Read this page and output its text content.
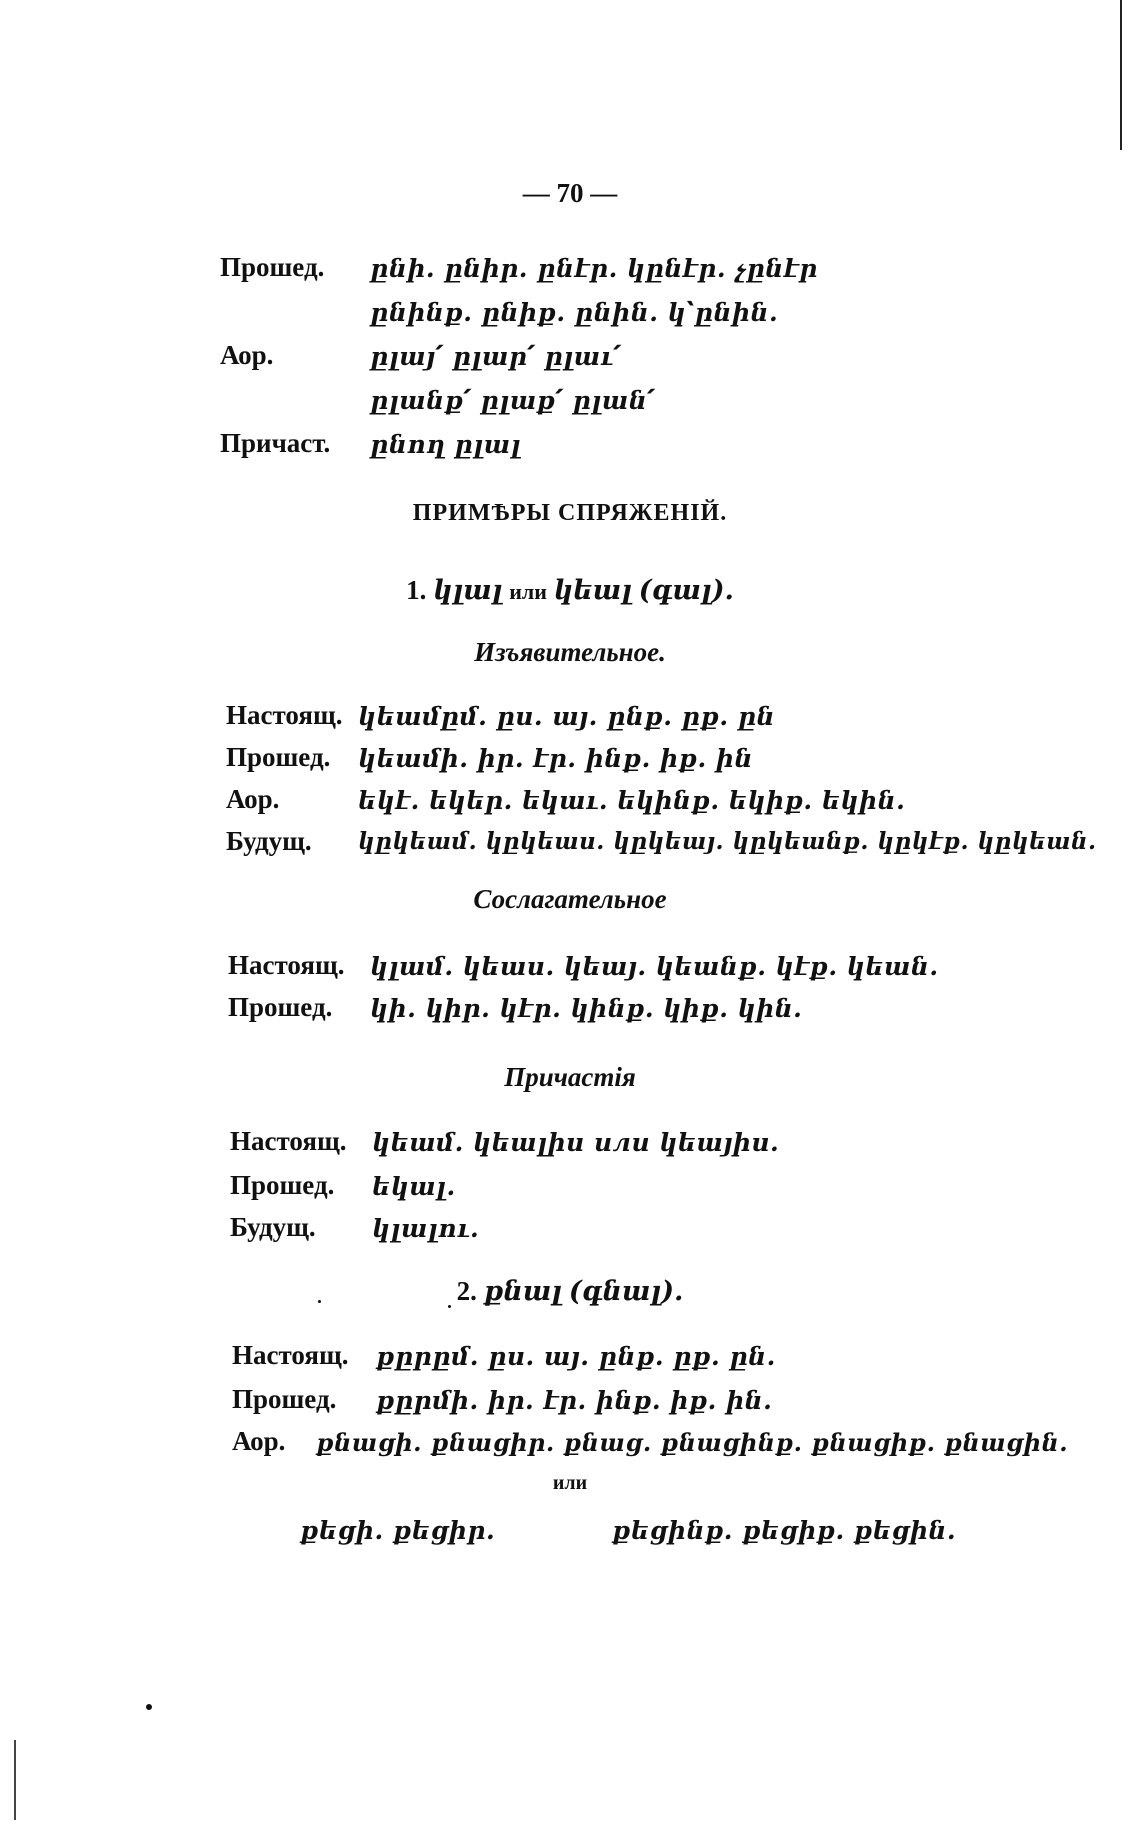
— 70 —
Прошед. ընի․ ընիր․ ընէր․ կընէր․ չընէր
ընինք․ ընիք․ ընին․ կ՝ընին.
Аор.	ըլայ՛ ըլար՛ ըլաւ՛
ըլանք՛ ըլաք՛ ըլան՛
Причаст. ընող ըլալ
ПРИМѢРЫ СПРЯЖЕНІЙ.
1. կլալ или կեալ (գալ).
Изъявительное.
Настоящ. կեամըմ․ ըս․ այ․ ընք․ ըք․ ըն
Прошед. կեամի․ իր․ էր․ ինք․ իք․ ին
Аор.	եկէ․ եկեր․ եկաւ․ եկինք․ եկիք․ եկին.
Будущ. կըկեամ․ կըկեաս․ կըկեայ․ կըկեանք․ կըկէք․ կըկեան.
Сослагательное
Настоящ. կլամ․ կեաս․ կեայ․ կեանք․ կէք․ կեան․
Прошед. կի․ կիր․ կէր․ կինք․ կիք․ կին.
Причастія
Настоящ. կեամ․ կեալիս или կեայիս.
Прошед. եկալ.
Будущ. կլալու.
2. քնալ (գնալ).
Настоящ. քըրըմ․ ըս․ այ․ ընք․ ըք․ ըն.
Прошед. քըրմի․ իր․ էր․ ինք․ իք․ ին.
Аор. քնացի․ քնացիր․ քնաց․ քնացինք․ քնացիք․ քնացին.
или
քեցի․ քեցիր․	քեցինք․ քեցիք․ քեցին.
